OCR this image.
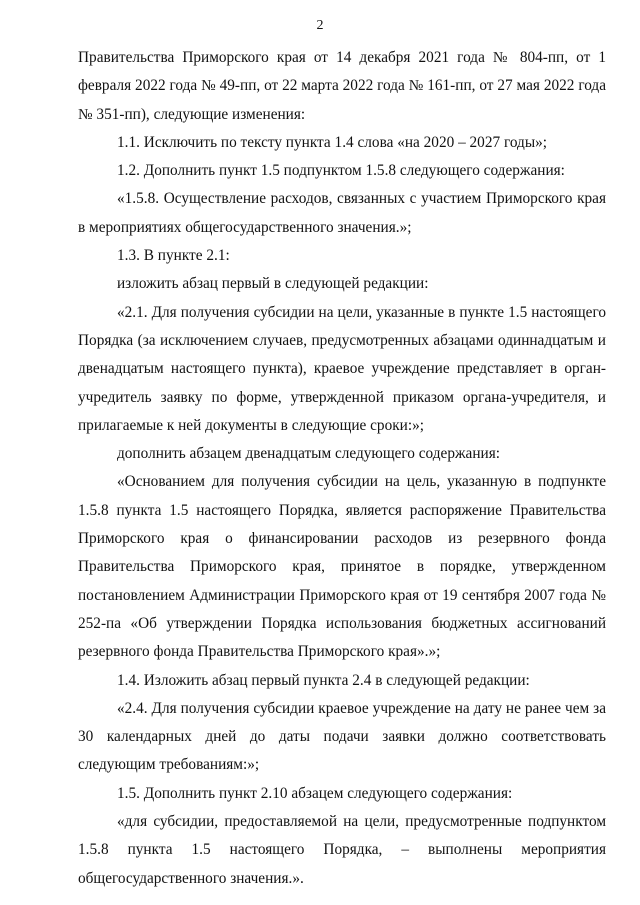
2

Правительства Приморского края от 14 декабря 2021 года № 804-пп, от 1 февраля 2022 года № 49-пп, от 22 марта 2022 года № 161-пп, от 27 мая 2022 года № 351-пп), следующие изменения:

1.1. Исключить по тексту пункта 1.4 слова «на 2020 – 2027 годы»;

1.2. Дополнить пункт 1.5 подпунктом 1.5.8 следующего содержания:

«1.5.8. Осуществление расходов, связанных с участием Приморского края в мероприятиях общегосударственного значения.»;

1.3. В пункте 2.1:

изложить абзац первый в следующей редакции:

«2.1. Для получения субсидии на цели, указанные в пункте 1.5 настоящего Порядка (за исключением случаев, предусмотренных абзацами одиннадцатым и двенадцатым настоящего пункта), краевое учреждение представляет в орган-учредитель заявку по форме, утвержденной приказом органа-учредителя, и прилагаемые к ней документы в следующие сроки:»;

дополнить абзацем двенадцатым следующего содержания:

«Основанием для получения субсидии на цель, указанную в подпункте 1.5.8 пункта 1.5 настоящего Порядка, является распоряжение Правительства Приморского края о финансировании расходов из резервного фонда Правительства Приморского края, принятое в порядке, утвержденном постановлением Администрации Приморского края от 19 сентября 2007 года № 252-па «Об утверждении Порядка использования бюджетных ассигнований резервного фонда Правительства Приморского края».»;

1.4. Изложить абзац первый пункта 2.4 в следующей редакции:

«2.4. Для получения субсидии краевое учреждение на дату не ранее чем за 30 календарных дней до даты подачи заявки должно соответствовать следующим требованиям:»;

1.5. Дополнить пункт 2.10 абзацем следующего содержания:

«для субсидии, предоставляемой на цели, предусмотренные подпунктом 1.5.8 пункта 1.5 настоящего Порядка, – выполнены мероприятия общегосударственного значения.».
